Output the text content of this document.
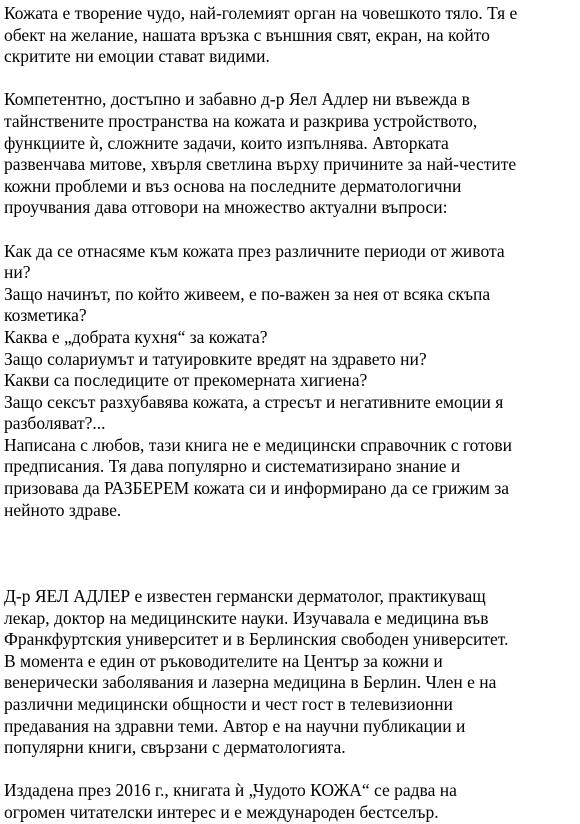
Кожата е творение чудо, най-големият орган на човешкото тяло. Тя е
обект на желание, нашата връзка с външния свят, екран, на който
скритите ни емоции стават видими.

Компетентно, достъпно и забавно д-р Яел Адлер ни въвежда в
тайнствените пространства на кожата и разкрива устройството,
функциите ѝ, сложните задачи, които изпълнява. Авторката
развенчава митове, хвърля светлина върху причините за най-честите
кожни проблеми и въз основа на последните дерматологични
проучвания дава отговори на множество актуални въпроси:

Как да се отнасяме към кожата през различните периоди от живота
ни?
Защо начинът, по който живеем, е по-важен за нея от всяка скъпа
козметика?
Каква е „добрата кухня“ за кожата?
Защо солариумът и татуировките вредят на здравето ни?
Какви са последиците от прекомерната хигиена?
Защо сексът разхубавява кожата, а стресът и негативните емоции я
разболяват?...
Написана с любов, тази книга не е медицински справочник с готови
предписания. Тя дава популярно и систематизирано знание и
призовава да РАЗБЕРЕМ кожата си и информирано да се грижим за
нейното здраве.

Д-р ЯЕЛ АДЛЕР е известен германски дерматолог, практикуващ
лекар, доктор на медицинските науки. Изучавала е медицина във
Франкфуртския университет и в Берлинския свободен университет.
В момента е един от ръководителите на Център за кожни и
венерически заболявания и лазерна медицина в Берлин. Член е на
различни медицински общности и чест гост в телевизионни
предавания на здравни теми. Автор е на научни публикации и
популярни книги, свързани с дерматологията.

Издадена през 2016 г., книгата ѝ „Чудото КОЖА“ се радва на
огромен читателски интерес и е международен бестселър.
